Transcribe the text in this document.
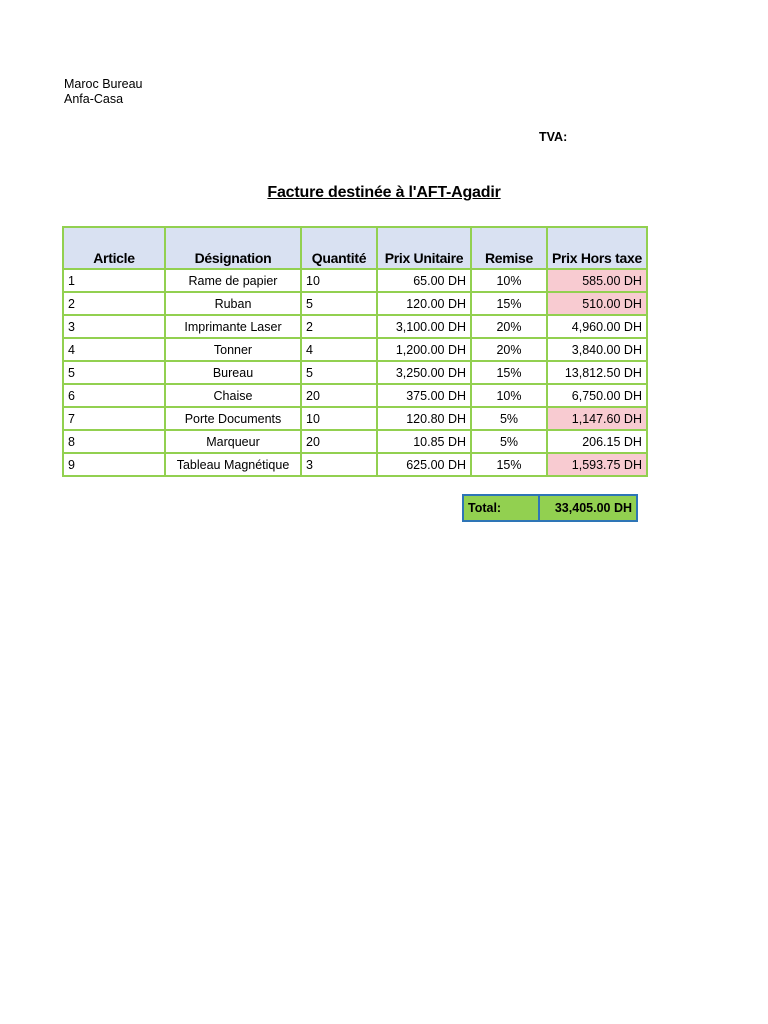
Maroc Bureau
Anfa-Casa
TVA:
Facture destinée à l'AFT-Agadir
Article	Désignation	Quantité	Prix Unitaire	Remise	Prix Hors taxe
1	Rame de papier	10	65.00 DH	10%	585.00 DH
2	Ruban	5	120.00 DH	15%	510.00 DH
3	Imprimante Laser	2	3,100.00 DH	20%	4,960.00 DH
4	Tonner	4	1,200.00 DH	20%	3,840.00 DH
5	Bureau	5	3,250.00 DH	15%	13,812.50 DH
6	Chaise	20	375.00 DH	10%	6,750.00 DH
7	Porte Documents	10	120.80 DH	5%	1,147.60 DH
8	Marqueur	20	10.85 DH	5%	206.15 DH
9	Tableau Magnétique	3	625.00 DH	15%	1,593.75 DH
Total:	33,405.00 DH
